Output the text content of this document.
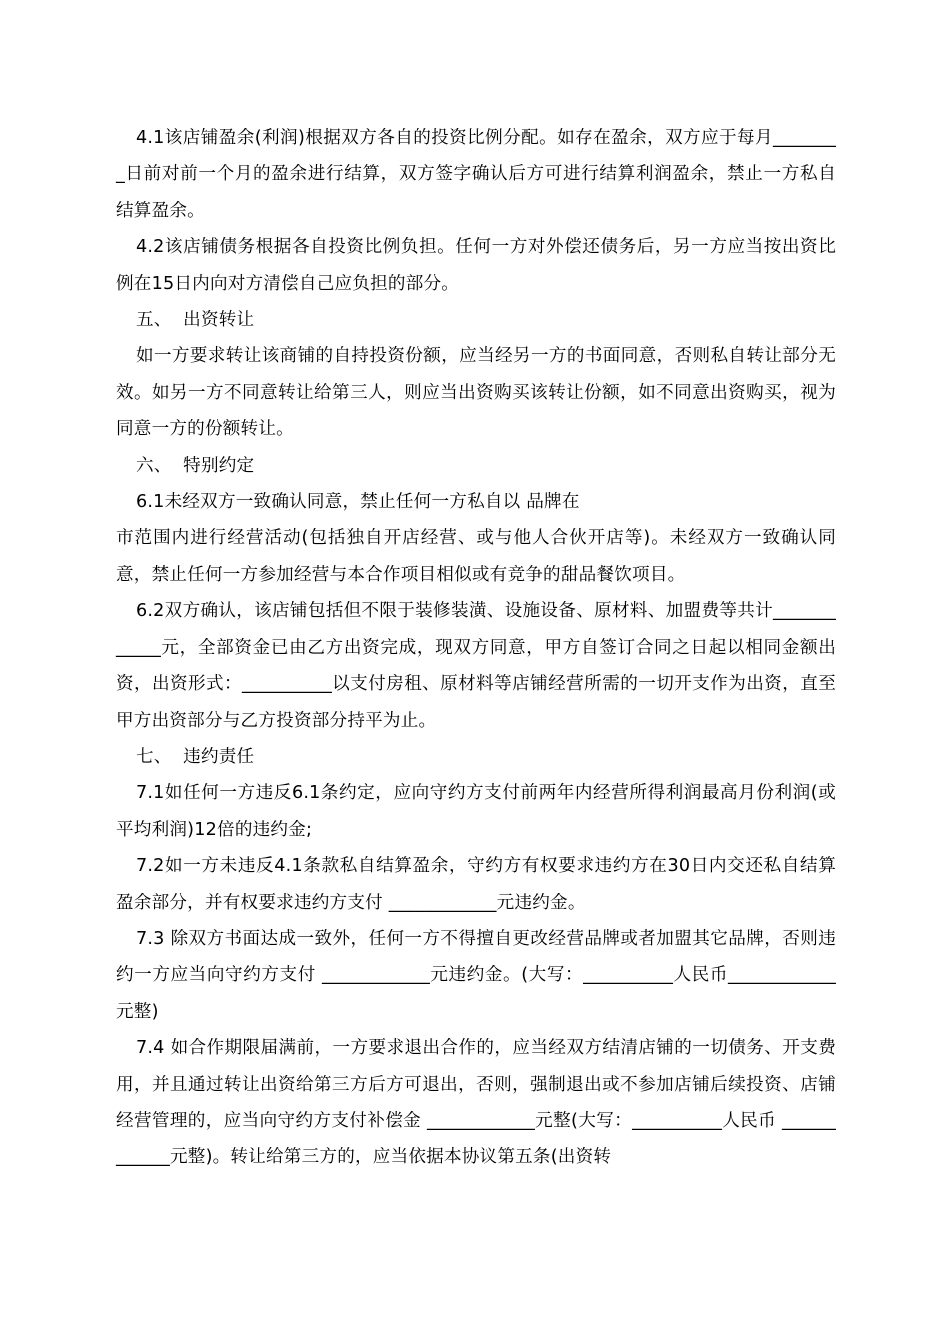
4.1该店铺盈余(利润)根据双方各自的投资比例分配。如存在盈余，双方应于每月________日前对前一个月的盈余进行结算，双方签字确认后方可进行结算利润盈余，禁止一方私自结算盈余。

4.2该店铺债务根据各自投资比例负担。任何一方对外偿还债务后，另一方应当按出资比例在15日内向对方清偿自己应负担的部分。

五、  出资转让

如一方要求转让该商铺的自持投资份额，应当经另一方的书面同意，否则私自转让部分无效。如另一方不同意转让给第三人，则应当出资购买该转让份额，如不同意出资购买，视为同意一方的份额转让。

六、  特别约定

6.1未经双方一致确认同意，禁止任何一方私自以 品牌在
市范围内进行经营活动(包括独自开店经营、或与他人合伙开店等)。未经双方一致确认同意，禁止任何一方参加经营与本合作项目相似或有竞争的甜品餐饮项目。

6.2双方确认，该店铺包括但不限于装修装潢、设施设备、原材料、加盟费等共计____________元，全部资金已由乙方出资完成，现双方同意，甲方自签订合同之日起以相同金额出资，出资形式：__________以支付房租、原材料等店铺经营所需的一切开支作为出资，直至甲方出资部分与乙方投资部分持平为止。

七、  违约责任

7.1如任何一方违反6.1条约定，应向守约方支付前两年内经营所得利润最高月份利润(或平均利润)12倍的违约金;

7.2如一方未违反4.1条款私自结算盈余，守约方有权要求违约方在30日内交还私自结算盈余部分，并有权要求违约方支付 ____________元违约金。

7.3 除双方书面达成一致外，任何一方不得擅自更改经营品牌或者加盟其它品牌，否则违约一方应当向守约方支付 ____________元违约金。(大写：__________人民币____________元整)

7.4 如合作期限届满前，一方要求退出合作的，应当经双方结清店铺的一切债务、开支费用，并且通过转让出资给第三方后方可退出，否则，强制退出或不参加店铺后续投资、店铺经营管理的，应当向守约方支付补偿金 ____________元整(大写：__________人民币 ____________元整)。转让给第三方的，应当依据本协议第五条(出资转
